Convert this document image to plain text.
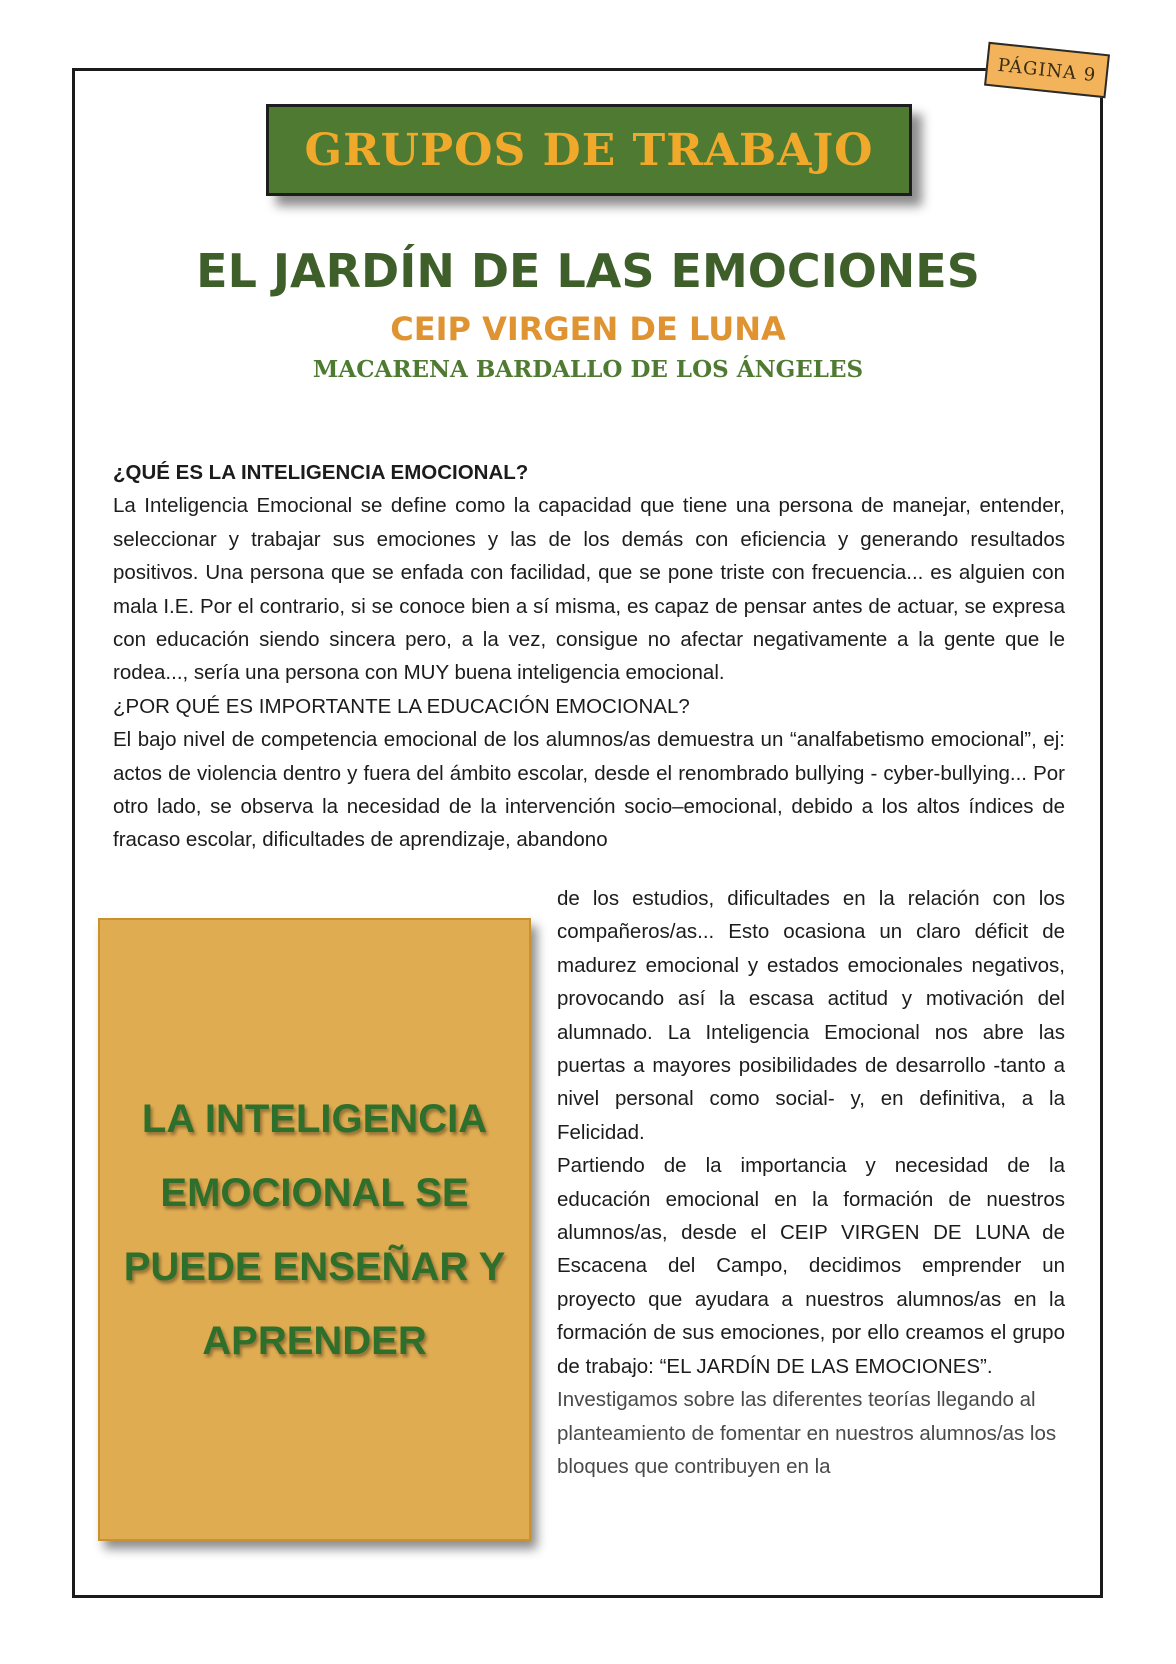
PÁGINA 9
GRUPOS DE TRABAJO
EL JARDÍN DE LAS EMOCIONES
CEIP VIRGEN DE LUNA
MACARENA BARDALLO DE LOS ÁNGELES

¿QUÉ ES LA INTELIGENCIA EMOCIONAL?

La Inteligencia Emocional se define como la capacidad que tiene una persona de manejar, entender, seleccionar y trabajar sus emociones y las de los demás con eficiencia y generando resultados positivos. Una persona que se enfada con facilidad, que se pone triste con frecuencia... es alguien con mala I.E. Por el contrario, si se conoce bien a sí misma, es capaz de pensar antes de actuar, se expresa con educación siendo sincera pero, a la vez, consigue no afectar negativamente a la gente que le rodea..., sería una persona con MUY buena inteligencia emocional.

¿POR QUÉ ES IMPORTANTE LA EDUCACIÓN EMOCIONAL?

El bajo nivel de competencia emocional de los alumnos/as demuestra un “analfabetismo emocional”, ej: actos de violencia dentro y fuera del ámbito escolar, desde el renombrado bullying - cyber-bullying... Por otro lado, se observa la necesidad de la intervención socio–emocional, debido a los altos índices de fracaso escolar, dificultades de aprendizaje, abandono

LA INTELIGENCIA EMOCIONAL SE PUEDE ENSEÑAR Y APRENDER

de los estudios, dificultades en la relación con los compañeros/as... Esto ocasiona un claro déficit de madurez emocional y estados emocionales negativos, provocando así la escasa actitud y motivación del alumnado. La Inteligencia Emocional nos abre las puertas a mayores posibilidades de desarrollo -tanto a nivel personal como social- y, en definitiva, a la Felicidad.

Partiendo de la importancia y necesidad de la educación emocional en la formación de nuestros alumnos/as, desde el CEIP VIRGEN DE LUNA de Escacena del Campo, decidimos emprender un proyecto que ayudara a nuestros alumnos/as en la formación de sus emociones, por ello creamos el grupo de trabajo: “EL JARDÍN DE LAS EMOCIONES”.

Investigamos sobre las diferentes teorías llegando al planteamiento de fomentar en nuestros alumnos/as los bloques que contribuyen en la
